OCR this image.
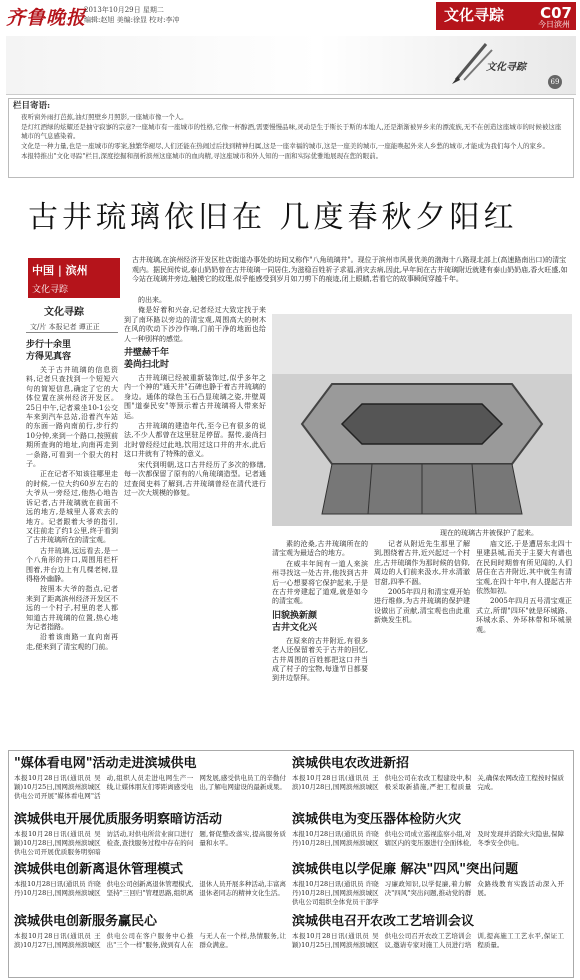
齐鲁晚报
2013年10月29日 星期二
编辑:赵旭 美编:徐显 校对:李冲	文化寻踪 C07
今日滨州
文化寻踪
69
栏目寄语:
夜听窗外雨打芭蕉,油灯照壁乡月照影,一座城市像一个人。
是灯红酒绿的炫耀还是抽守寂寥的宗意?一座城市有一座城市的性格,它像一杯醇酒,需要慢慢品味,灵动是生于斯长于斯的本地人,还是渐渐被异乡来的漂流族,无不在创造这座城市的时候被这座城市的气息感染着。
文化是一种力量,也是一座城市的零案,独繁华褪尽,人们还能在热闹过后找到精神归属,这是一座幸福的城市,这是一座美的城市,一座能唤起外来人乡愁的城市,才能成为我们每个人的家乡。
本报特推出"文化寻踪"栏目,深度挖掘和剖析滨州这座城市的血肉精,寻这座城市和外人知的一面和实际优雅地展现在您的眼前。
古井琉璃依旧在 几度春秋夕阳红
中国 | 滨州
文化寻踪
文化寻踪
古井琉璃,在滨州经济开发区杜店街道办事处的坊间又称作"八角琉璃井"。现位于滨州市风景优美的渤海十八路现北部上(高速路南出口)的清宝观内。据民间传说,泰山奶奶曾在古井琉璃一同居住,为滋稳百姓祈子求福,消灾去病,因此,早年间在古井琉璃附近就建有泰山奶奶庙,香火旺盛,如今站在琉璃井旁边,触摸它的纹理,似乎能感受到岁月如刀剪下的痕迹,闭上眼睛,若看它的故事瞬间穿越千年。
文/片 本报记者 谭正正
步行十余里
方得见真容

关于古井琉璃的信息资料,记者只查找到一个短短六句的简短信息,确定了它的大体位置在滨州经济开发区。25日中午,记者乘坐10-1公交车来到汽车总站,沿着汽车站的东面一路向南前行,步行约10分钟,来到一个路口,按照前期所查询的地址,向南再走到一条路,可看到一个很大的村子。

正在记者不知该往哪里走的时候,一位大约60岁左右的大爷从一旁经过,他热心地告诉记者,古井琉璃就在前面不远的地方,是城里人喜欢去的地方。记者跟着大爷的指引,又往前走了约1公里,终于看到了古井琉璃所在的清宝观。

古井琉璃,远远看去,是一个八角形的井口,周围用栏杆围着,井台边上有几棵老树,显得格外幽静。

按照本大爷的指点,记者来到了距离滨州经济开发区不远的一个村子,村里的老人都知道古井琉璃的位置,热心地为记者指路。

沿着该南路一直向南再走,便来到了清宝观的门前。

的出来。

俺是好着和兴奋,记者经过大致定找于来到了南环路以旁边的清宝观,周围高大的树木在风的吹动下沙沙作响,门前干净的地面也给人一种别样的感觉。

井壁赫千年
姜尚扫北时

古井琉璃已经被重新装饰过,似乎多年之内一个神的"通天井"石碑也静于着古井琉璃的身边。通体的绿色玉石凸显琉璃之姿,井壁周围"道泰民安"等预示着古井琉璃将人带来好运。

古井琉璃的建造年代,至今已有很多的说法,不少人都曾在这里驻足停留。据传,姜尚扫北时曾经经过此地,饮用过这口井的井水,此后这口井就有了特殊的意义。

宋代到明朝,这口古井经历了多次的修缮,每一次都保留了原有的八角琉璃造型。记者通过查阅史料了解到,古井琉璃曾经在清代进行过一次大规模的修复。

现在的琉璃古井被保护了起来。

素的沧桑,古井琉璃所在的清宝观为最适合的地方。

在威丰年间有一道人来滨州寻找这一处古井,他找到古井后一心想要将它保护起来,于是在古井旁建起了道观,就是如今的清宝观。

旧貌换新颜
古井文化兴

在原来的古井附近,有很多老人还保留着关于古井的回忆,古井周围的百姓都把这口井当成了村子的宝物,每逢节日都要到井边祭拜。

记者从附近先生那里了解到,围绕着古井,近兴起过一个村庄,古井琉璃作为那时候的信仰,周边的人们前来汲水,井水清澈甘甜,四季不涸。

2005年四月和清宝观开始进行维修,为古井琉璃的保护建设做出了贡献,清宝观也由此重新焕发生机。

庙文还,于是遭居东北四十里建县城,而关于主要大有谱也在民间时期曾有所见闻的,人们居住在古井附近,其中就生有清宝观,在四十年中,有人提起古井依然如初。

2005年四月五号清宝观正式立,所谓"四环"就是环城路、环城水系、外环林带和环城景观。

"媒体看电网"活动走进滨城供电
本报10月28日讯(通讯员 吴颖)10月25日,国网滨州滨城区供电公司开展"媒体看电网"活动,组织人员走进电网生产一线,让媒体朋友们零距离感受电网发展,感受供电员工的辛勤付出,了解电网建设的最新成果。
滨城供电开展优质服务明察暗访活动
本报10月28日讯(通讯员 吴颖)10月28日,国网滨州滨城区供电公司开展优质服务明察暗访活动,对供电所营业窗口进行检查,查找服务过程中存在的问题,督促整改落实,提高服务质量和水平。
滨城供电创新离退休管理模式
本报10月28日讯(通讯员 许晓丹)10月28日,国网滨州滨城区供电公司创新离退休管理模式,坚持"三回归"管理思路,组织离退休人员开展多种活动,丰富离退休老同志的精神文化生活。
滨城供电创新服务赢民心
本报10月28日讯(通讯员 王滨)10月27日,国网滨州滨城区供电公司在客户服务中心推出"三个一样"服务,做到有人在与无人在一个样,热情服务,让群众满意。
滨城供电农改进新招
本报10月28日讯(通讯员 王滨)10月28日,国网滨州滨城区供电公司在农改工程建设中,积极采取新措施,严把工程质量关,确保农网改造工程按时保质完成。
滨城供电为变压器体检防火灾
本报10月28日讯(通讯员 许晓丹)10月28日,国网滨州滨城区供电公司成立巡视监察小组,对辖区内的变压器进行全面体检,及时发现并消除火灾隐患,保障冬季安全供电。
滨城供电以学促廉 解决"四风"突出问题
本报10月28日讯(通讯员 许晓丹)10月28日,国网滨州滨城区供电公司组织全体党员干部学习廉政知识,以学促廉,着力解决"四风"突出问题,推动党的群众路线教育实践活动深入开展。
滨城供电召开农改工艺培训会议
本报10月28日讯(通讯员 吴颖)10月25日,国网滨州滨城区供电公司召开农改工艺培训会议,邀请专家对施工人员进行培训,提高施工工艺水平,保证工程质量。
